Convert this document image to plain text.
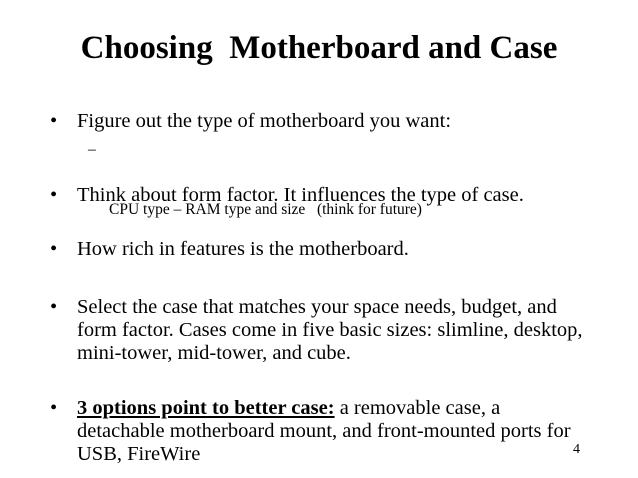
Choosing  Motherboard and Case
• Figure out the type of motherboard you want:

–

CPU type – RAM type and size   (think for future)

• Think about form factor. It influences the type of case.
• How rich in features is the motherboard.
• Select the case that matches your space needs, budget, and form factor. Cases come in five basic sizes: slimline, desktop, mini-tower, mid-tower, and cube.
• 3 options point to better case: a removable case, a detachable motherboard mount, and front-mounted ports for USB, FireWire	4
